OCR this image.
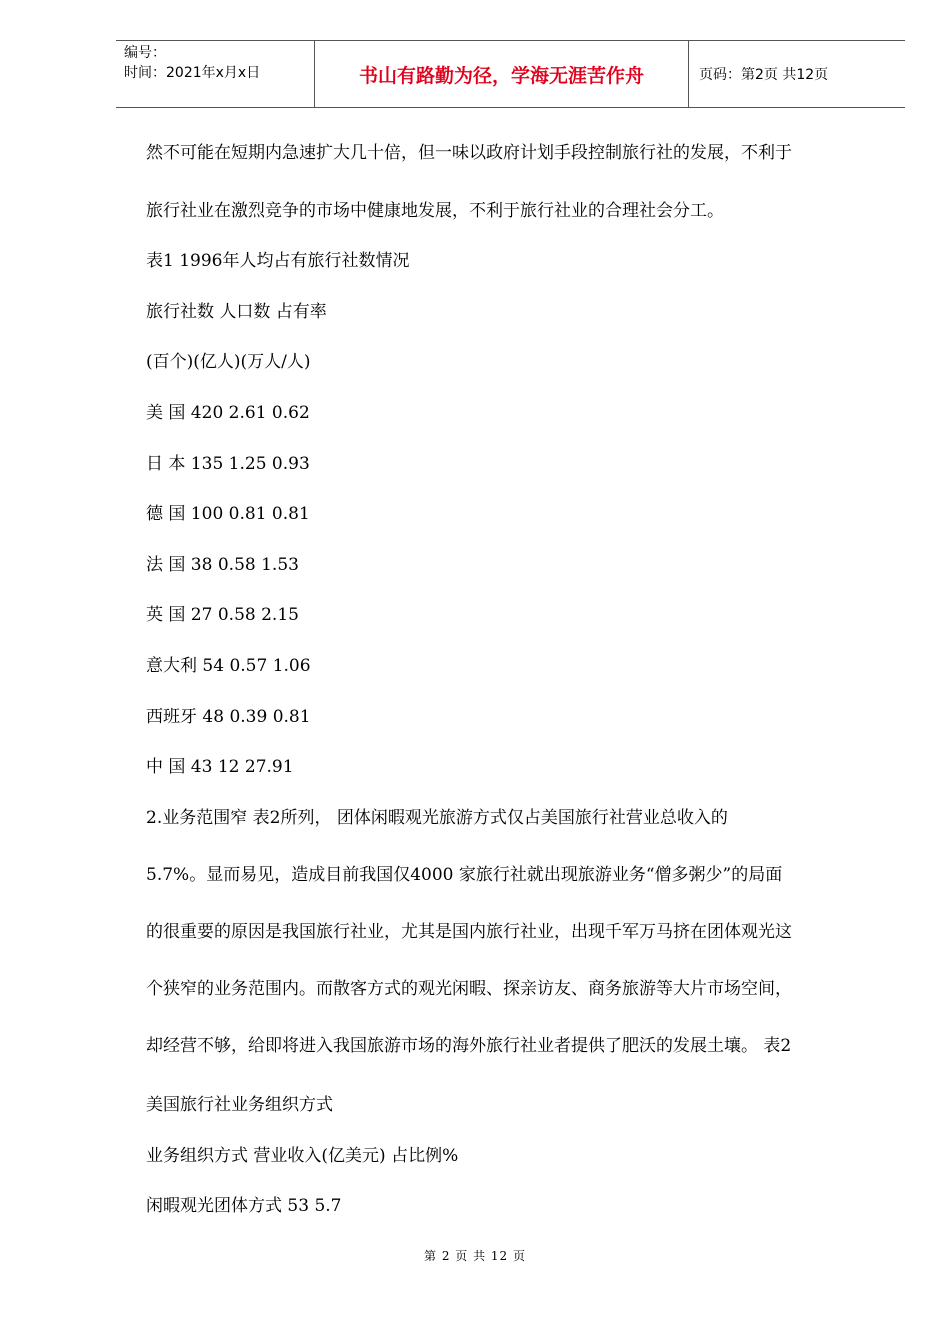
编号：
时间：2021年x月x日	书山有路勤为径，学海无涯苦作舟	页码：第2页 共12页
然不可能在短期内急速扩大几十倍，但一味以政府计划手段控制旅行社的发展，不利于
旅行社业在激烈竞争的市场中健康地发展，不利于旅行社业的合理社会分工。
表1 1996年人均占有旅行社数情况
旅行社数 人口数 占有率
(百个)(亿人)(万人/人)
美 国 420 2.61 0.62
日 本 135 1.25 0.93
德 国 100 0.81 0.81
法 国 38 0.58 1.53
英 国 27 0.58 2.15
意大利 54 0.57 1.06
西班牙 48 0.39 0.81
中 国 43 12 27.91
2.业务范围窄 表2所列， 团体闲暇观光旅游方式仅占美国旅行社营业总收入的
5.7%。显而易见，造成目前我国仅4000 家旅行社就出现旅游业务“僧多粥少”的局面
的很重要的原因是我国旅行社业，尤其是国内旅行社业，出现千军万马挤在团体观光这
个狭窄的业务范围内。而散客方式的观光闲暇、探亲访友、商务旅游等大片市场空间，
却经营不够，给即将进入我国旅游市场的海外旅行社业者提供了肥沃的发展土壤。 表2
美国旅行社业务组织方式
业务组织方式 营业收入(亿美元) 占比例%
闲暇观光团体方式 53 5.7
第 2 页 共 12 页
